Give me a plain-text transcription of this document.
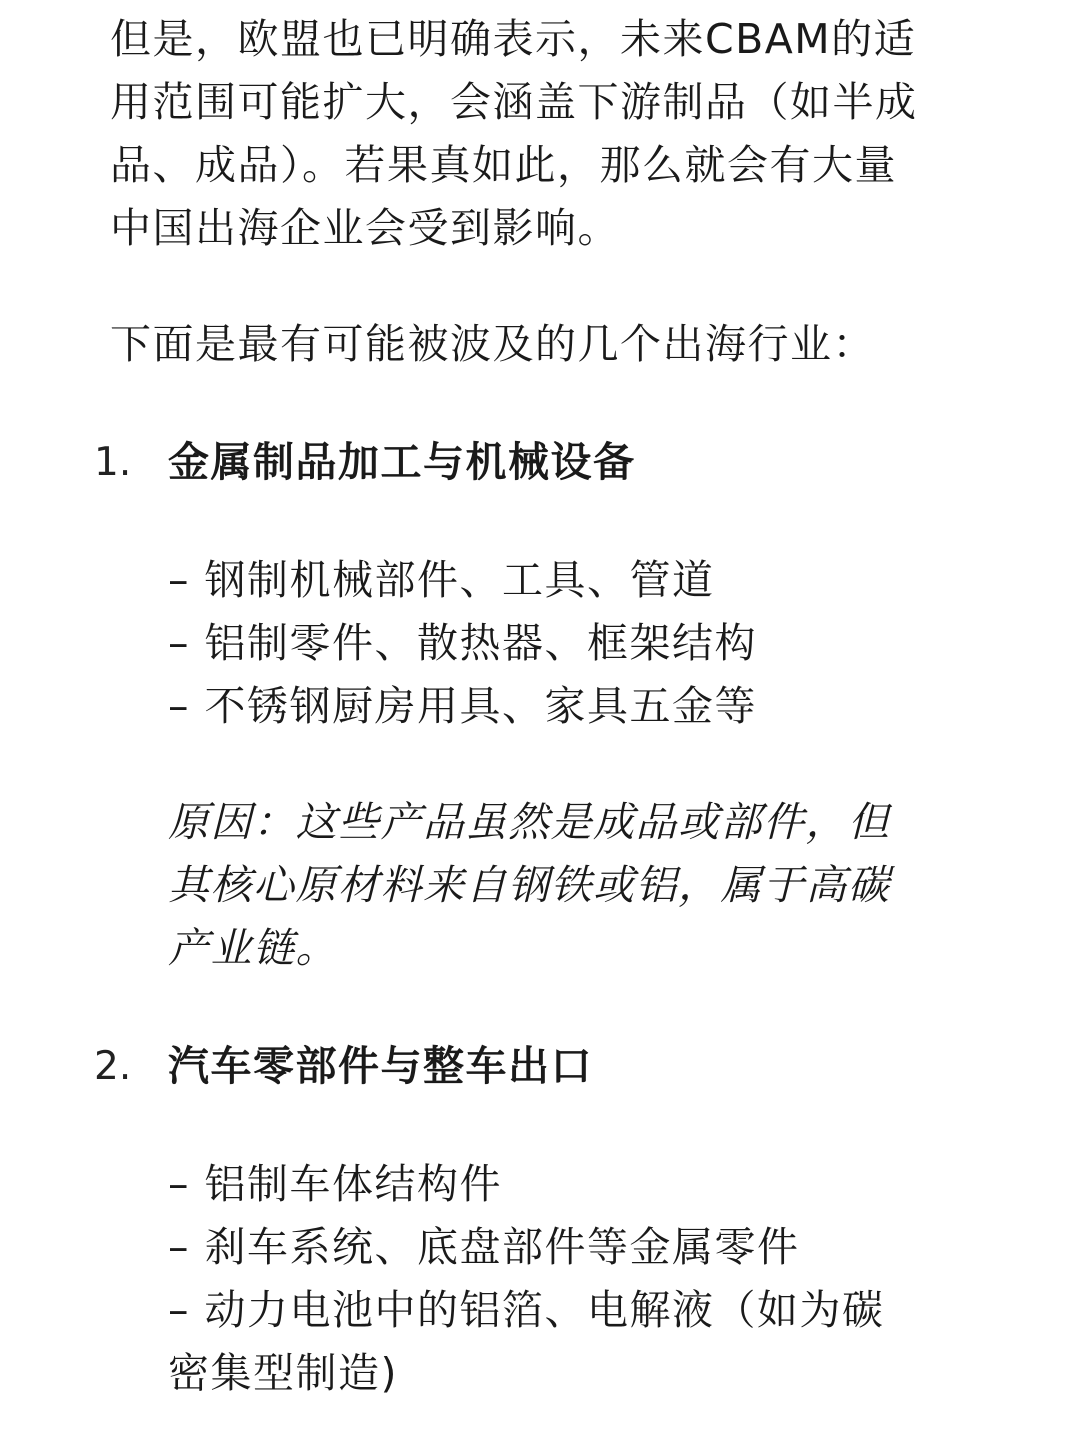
但是，欧盟也已明确表示，未来CBAM的适
用范围可能扩大，会涵盖下游制品（如半成
品、成品）。若果真如此，那么就会有大量
中国出海企业会受到影响。

下面是最有可能被波及的几个出海行业：

1. 金属制品加工与机械设备
– 钢制机械部件、工具、管道
– 铝制零件、散热器、框架结构
– 不锈钢厨房用具、家具五金等

原因：这些产品虽然是成品或部件，但
其核心原材料来自钢铁或铝，属于高碳
产业链。

2. 汽车零部件与整车出口
– 铝制车体结构件
– 刹车系统、底盘部件等金属零件
– 动力电池中的铝箔、电解液（如为碳
密集型制造)
